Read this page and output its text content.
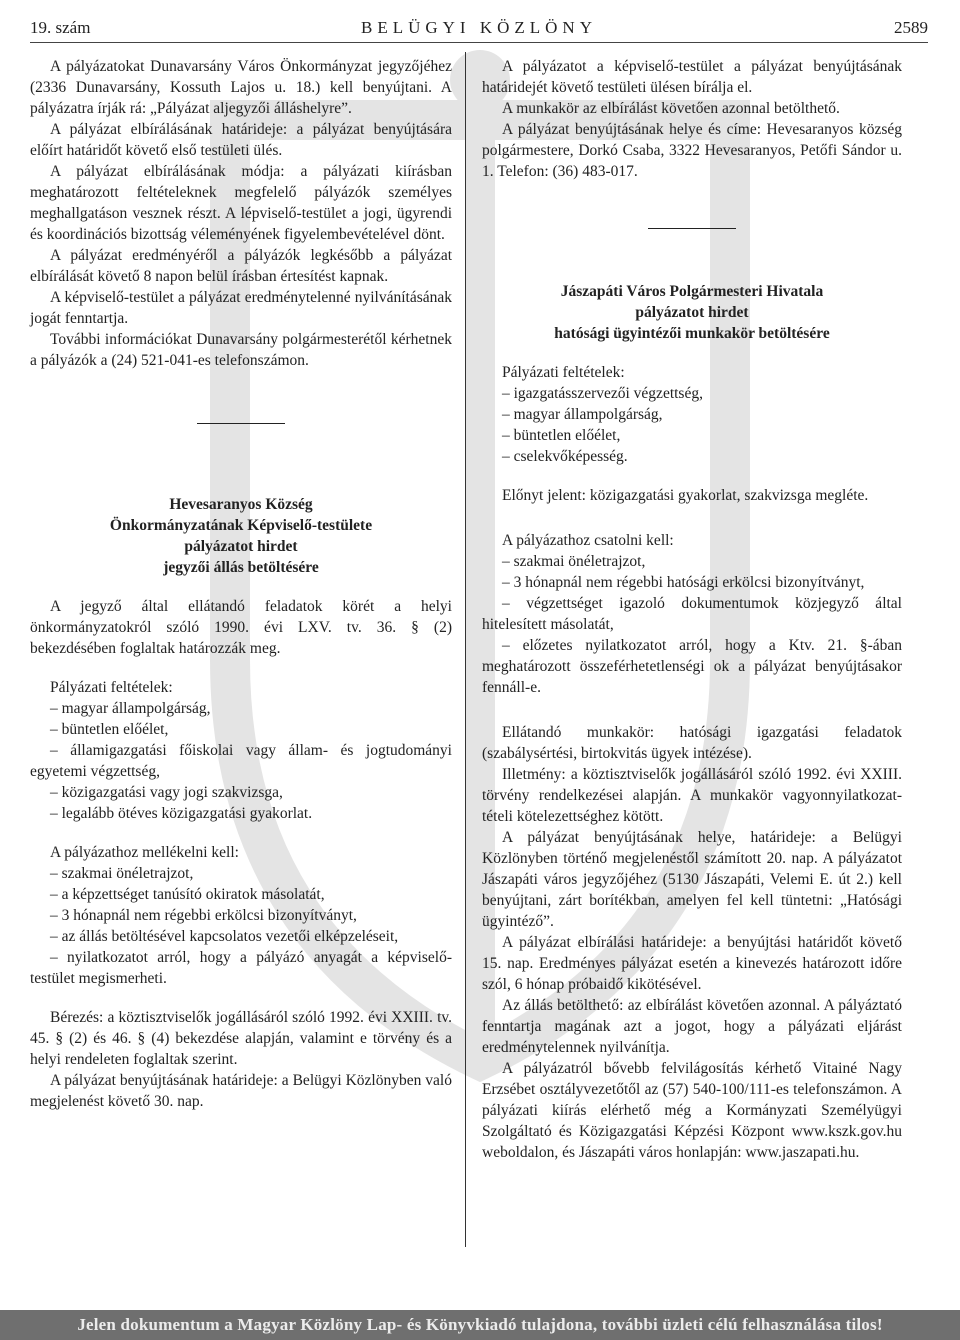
19. szám	BELÜGYI KÖZLÖNY	2589

A pályázatokat Dunavarsány Város Önkormányzat jegyzőjéhez (2336 Dunavarsány, Kossuth Lajos u. 18.) kell benyújtani. A pályázatra írják rá: „Pályázat aljegyzői álláshelyre”.

A pályázat elbírálásának határideje: a pályázat benyújtására előírt határidőt követő első testületi ülés.

A pályázat elbírálásának módja: a pályázati kiírásban meghatározott feltételeknek megfelelő pályázók személyes meghallgatáson vesznek részt. A lépviselő-testület a jogi, ügyrendi és koordinációs bizottság véleményének figyelembevételével dönt.

A pályázat eredményéről a pályázók legkésőbb a pályázat elbírálását követő 8 napon belül írásban értesítést kapnak.

A képviselő-testület a pályázat eredménytelenné nyilvánításának jogát fenntartja.

További információkat Dunavarsány polgármesterétől kérhetnek a pályázók a (24) 521-041-es telefonszámon.

Hevesaranyos Község

Önkormányzatának Képviselő-testülete

pályázatot hirdet

jegyzői állás betöltésére

A jegyző által ellátandó feladatok körét a helyi önkormányzatokról szóló 1990. évi LXV. tv. 36. § (2) bekezdésében foglaltak határozzák meg.

Pályázati feltételek:

– magyar állampolgárság,

– büntetlen előélet,

– államigazgatási főiskolai vagy állam- és jogtudományi egyetemi végzettség,

– közigazgatási vagy jogi szakvizsga,

– legalább ötéves közigazgatási gyakorlat.

A pályázathoz mellékelni kell:

– szakmai önéletrajzot,

– a képzettséget tanúsító okiratok másolatát,

– 3 hónapnál nem régebbi erkölcsi bizonyítványt,

– az állás betöltésével kapcsolatos vezetői elképzeléseit,

– nyilatkozatot arról, hogy a pályázó anyagát a képviselő-testület megismerheti.

Bérezés: a köztisztviselők jogállásáról szóló 1992. évi XXIII. tv. 45. § (2) és 46. § (4) bekezdése alapján, valamint e törvény és a helyi rendeleten foglaltak szerint.

A pályázat benyújtásának határideje: a Belügyi Közlönyben való megjelenést követő 30. nap.

A pályázatot a képviselő-testület a pályázat benyújtásának határidejét követő testületi ülésen bírálja el.

A munkakör az elbírálást követően azonnal betölthető.

A pályázat benyújtásának helye és címe: Hevesaranyos község polgármestere, Dorkó Csaba, 3322 Hevesaranyos, Petőfi Sándor u. 1. Telefon: (36) 483-017.

Jászapáti Város Polgármesteri Hivatala

pályázatot hirdet

hatósági ügyintézői munkakör betöltésére

Pályázati feltételek:

– igazgatásszervezői végzettség,

– magyar állampolgárság,

– büntetlen előélet,

– cselekvőképesség.

Előnyt jelent: közigazgatási gyakorlat, szakvizsga megléte.

A pályázathoz csatolni kell:

– szakmai önéletrajzot,

– 3 hónapnál nem régebbi hatósági erkölcsi bizonyítványt,

– végzettséget igazoló dokumentumok közjegyző által hitelesített másolatát,

– előzetes nyilatkozatot arról, hogy a Ktv. 21. §-ában meghatározott összeférhetetlenségi ok a pályázat benyújtásakor fennáll-e.

Ellátandó munkakör: hatósági igazgatási feladatok (szabálysértési, birtokvitás ügyek intézése).

Illetmény: a köztisztviselők jogállásáról szóló 1992. évi XXIII. törvény rendelkezései alapján. A munkakör vagyonnyilatkozat-tételi kötelezettséghez kötött.

A pályázat benyújtásának helye, határideje: a Belügyi Közlönyben történő megjelenéstől számított 20. nap. A pályázatot Jászapáti város jegyzőjéhez (5130 Jászapáti, Velemi E. út 2.) kell benyújtani, zárt borítékban, amelyen fel kell tüntetni: „Hatósági ügyintéző”.

A pályázat elbírálási határideje: a benyújtási határidőt követő 15. nap. Eredményes pályázat esetén a kinevezés határozott időre szól, 6 hónap próbaidő kikötésével.

Az állás betölthető: az elbírálást követően azonnal. A pályáztató fenntartja magának azt a jogot, hogy a pályázati eljárást eredménytelennek nyilvánítja.

A pályázatról bővebb felvilágosítás kérhető Vitainé Nagy Erzsébet osztályvezetőtől az (57) 540-100/111-es telefonszámon. A pályázati kiírás elérhető még a Kormányzati Személyügyi Szolgáltató és Közigazgatási Képzési Központ www.kszk.gov.hu weboldalon, és Jászapáti város honlapján: www.jaszapati.hu.

Jelen dokumentum a Magyar Közlöny Lap- és Könyvkiadó tulajdona, további üzleti célú felhasználása tilos!
